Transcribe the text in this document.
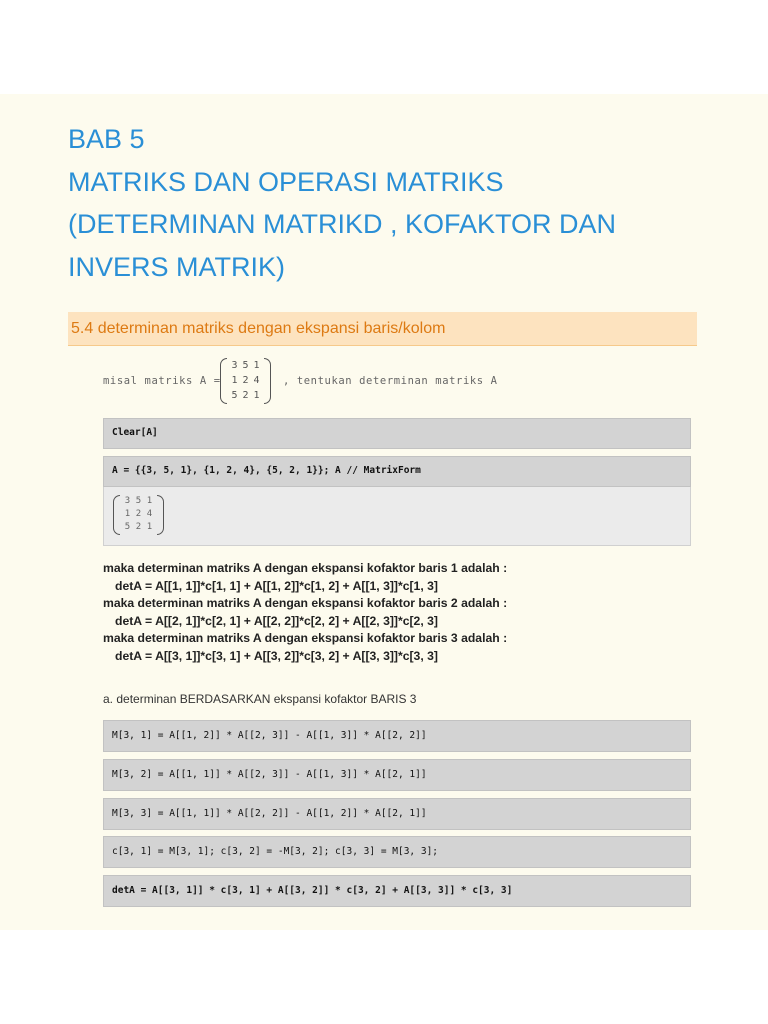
BAB 5
MATRIKS DAN OPERASI MATRIKS
(DETERMINAN MATRIKD , KOFAKTOR DAN
INVERS MATRIK)
5.4 determinan matriks dengan ekspansi baris/kolom
misal matriks A =
3 5 1
1 2 4
5 2 1
, tentukan determinan matriks A
Clear[A]
A = {{3, 5, 1}, {1, 2, 4}, {5, 2, 1}}; A // MatrixForm
3 5 1
1 2 4
5 2 1
maka determinan matriks A dengan ekspansi kofaktor baris 1 adalah :
detA = A[[1, 1]]*c[1, 1] + A[[1, 2]]*c[1, 2] + A[[1, 3]]*c[1, 3]
maka determinan matriks A dengan ekspansi kofaktor baris 2 adalah :
detA = A[[2, 1]]*c[2, 1] + A[[2, 2]]*c[2, 2] + A[[2, 3]]*c[2, 3]
maka determinan matriks A dengan ekspansi kofaktor baris 3 adalah :
detA = A[[3, 1]]*c[3, 1] + A[[3, 2]]*c[3, 2] + A[[3, 3]]*c[3, 3]
a. determinan BERDASARKAN ekspansi kofaktor BARIS 3
M[3, 1] = A[[1, 2]] * A[[2, 3]] - A[[1, 3]] * A[[2, 2]]
M[3, 2] = A[[1, 1]] * A[[2, 3]] - A[[1, 3]] * A[[2, 1]]
M[3, 3] = A[[1, 1]] * A[[2, 2]] - A[[1, 2]] * A[[2, 1]]
c[3, 1] = M[3, 1]; c[3, 2] = -M[3, 2]; c[3, 3] = M[3, 3];
detA = A[[3, 1]] * c[3, 1] + A[[3, 2]] * c[3, 2] + A[[3, 3]] * c[3, 3]
